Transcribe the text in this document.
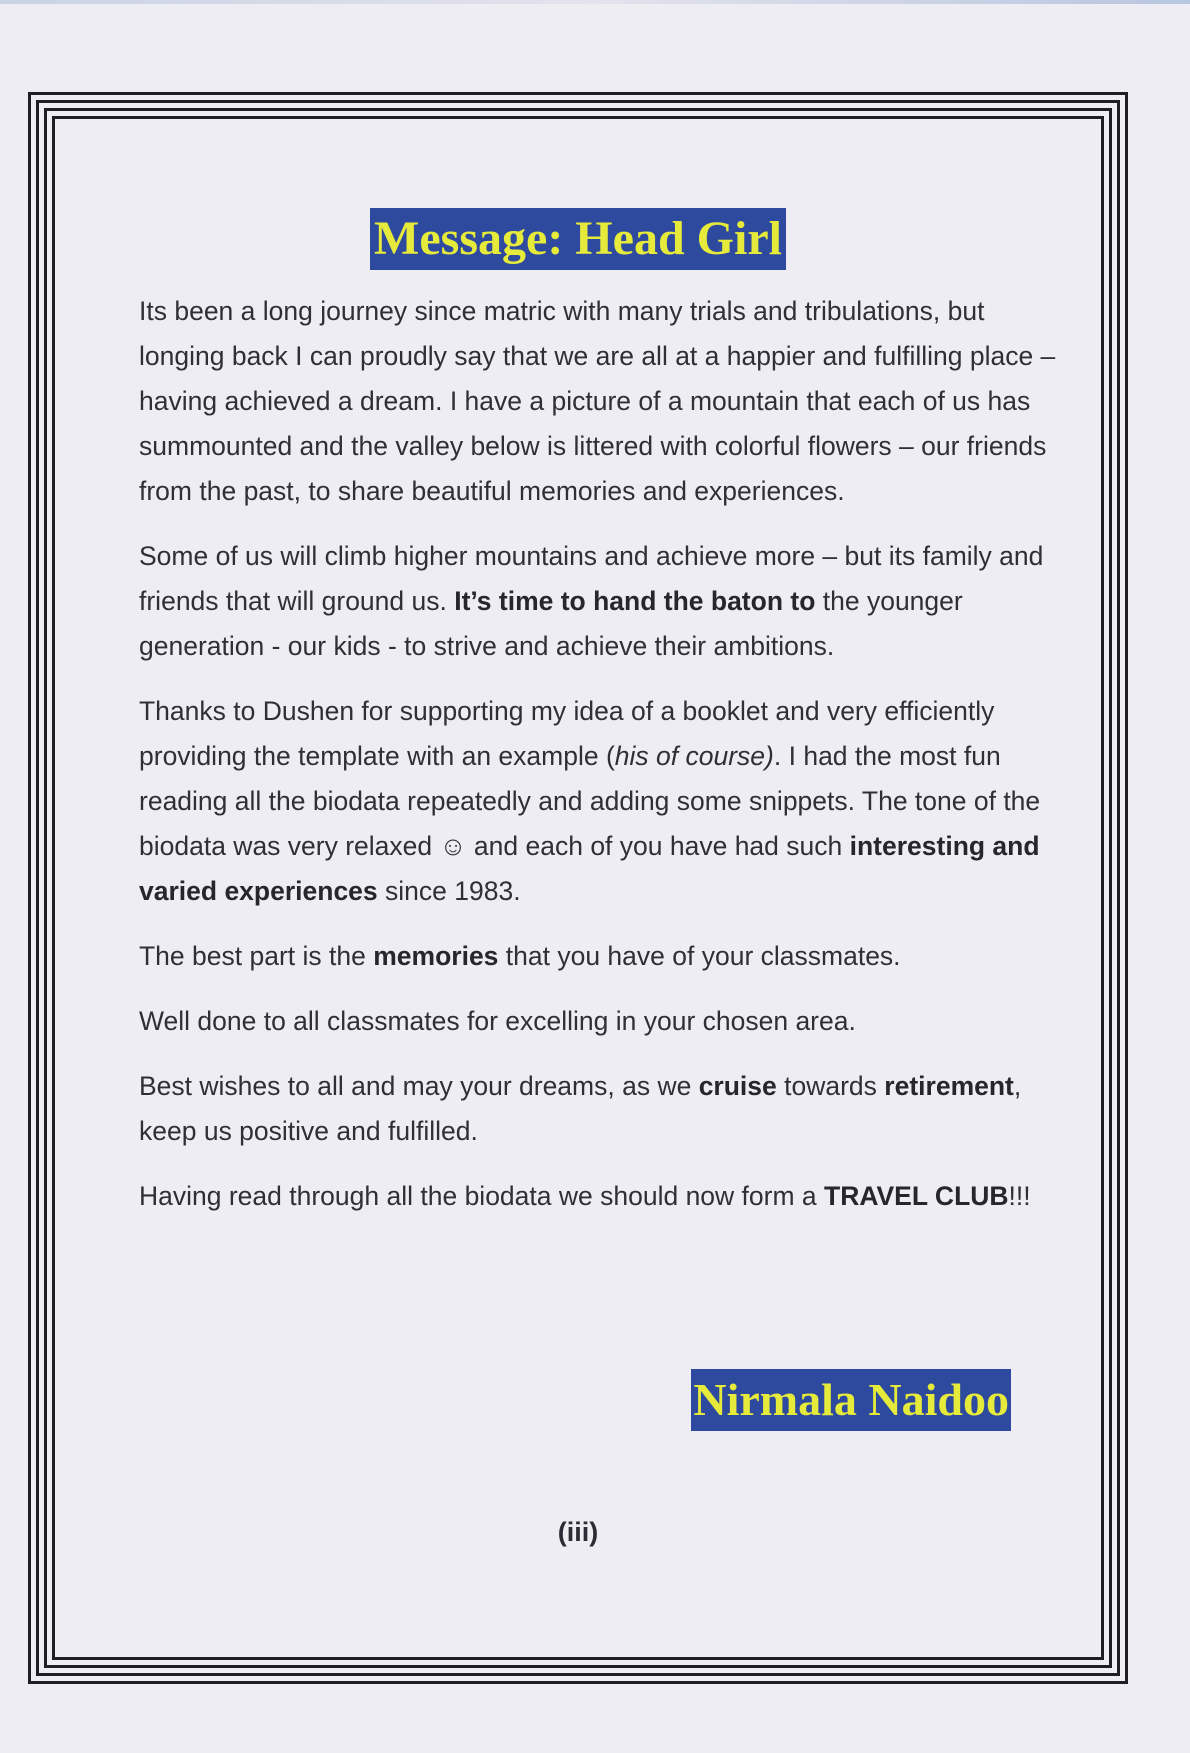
Message: Head Girl

Its been a long journey since matric with many trials and tribulations, but longing back I can proudly say that we are all at a happier and fulfilling place – having achieved a dream. I have a picture of a mountain that each of us has summounted and the valley below is littered with colorful flowers – our friends from the past, to share beautiful memories and experiences.

Some of us will climb higher mountains and achieve more – but its family and friends that will ground us. It’s time to hand the baton to the younger generation - our kids - to strive and achieve their ambitions.

Thanks to Dushen for supporting my idea of a booklet and very efficiently providing the template with an example (his of course). I had the most fun reading all the biodata repeatedly and adding some snippets. The tone of the biodata was very relaxed ☺ and each of you have had such interesting and varied experiences since 1983.

The best part is the memories that you have of your classmates.

Well done to all classmates for excelling in your chosen area.

Best wishes to all and may your dreams, as we cruise towards retirement, keep us positive and fulfilled.

Having read through all the biodata we should now form a TRAVEL CLUB!!!

Nirmala Naidoo
(iii)
